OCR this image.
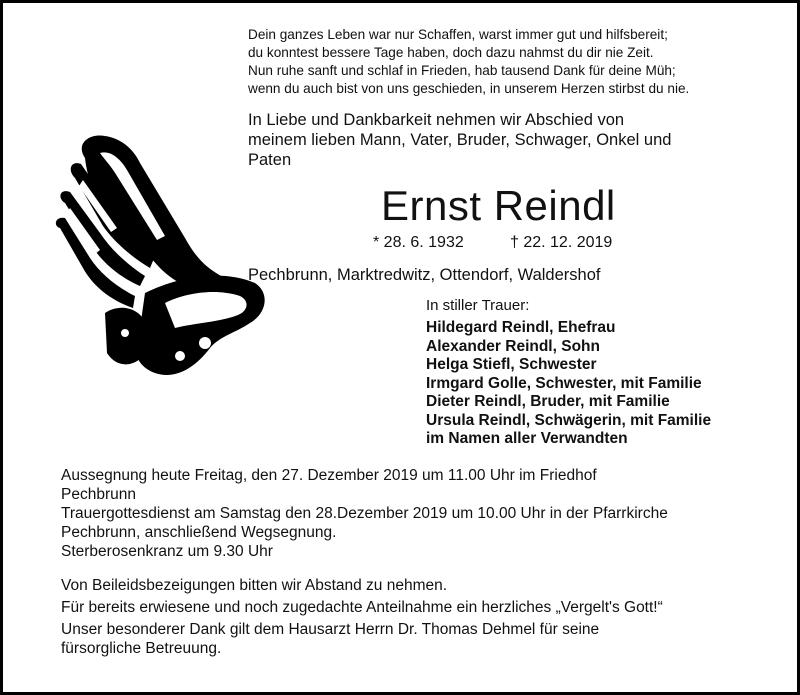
Dein ganzes Leben war nur Schaffen, warst immer gut und hilfsbereit;
du konntest bessere Tage haben, doch dazu nahmst du dir nie Zeit.
Nun ruhe sanft und schlaf in Frieden, hab tausend Dank für deine Müh;
wenn du auch bist von uns geschieden, in unserem Herzen stirbst du nie.
In Liebe und Dankbarkeit nehmen wir Abschied von
meinem lieben Mann, Vater, Bruder, Schwager, Onkel und
Paten
Ernst Reindl
* 28. 6. 1932	† 22. 12. 2019
Pechbrunn, Marktredwitz, Ottendorf, Waldershof
In stiller Trauer:
Hildegard Reindl, Ehefrau
Alexander Reindl, Sohn
Helga Stiefl, Schwester
Irmgard Golle, Schwester, mit Familie
Dieter Reindl, Bruder, mit Familie
Ursula Reindl, Schwägerin, mit Familie
im Namen aller Verwandten
Aussegnung heute Freitag, den 27. Dezember 2019 um 11.00 Uhr im Friedhof
Pechbrunn
Trauergottesdienst am Samstag den 28.Dezember 2019 um 10.00 Uhr in der Pfarrkirche
Pechbrunn, anschließend Wegsegnung.
Sterberosenkranz um 9.30 Uhr
Von Beileidsbezeigungen bitten wir Abstand zu nehmen.
Für bereits erwiesene und noch zugedachte Anteilnahme ein herzliches „Vergelt's Gott!“
Unser besonderer Dank gilt dem Hausarzt Herrn Dr. Thomas Dehmel für seine
fürsorgliche Betreuung.
